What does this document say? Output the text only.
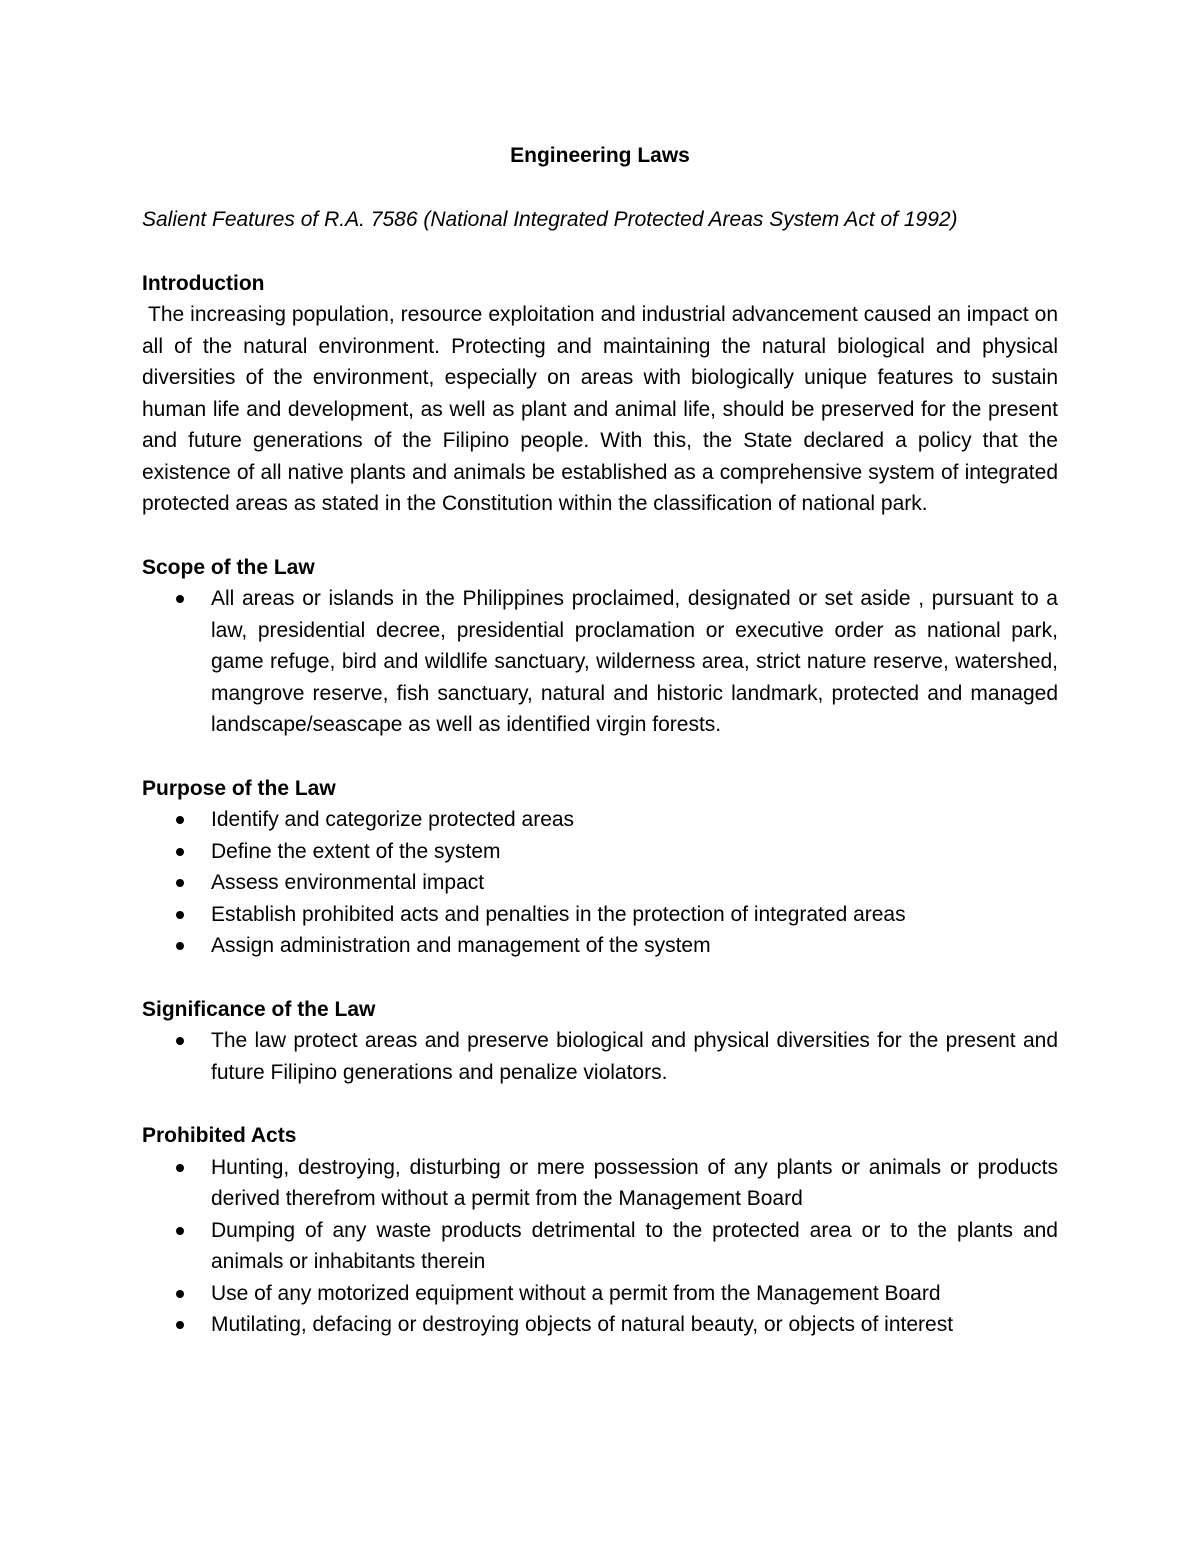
Engineering Laws

Salient Features of R.A. 7586 (National Integrated Protected Areas System Act of 1992)

Introduction

The increasing population, resource exploitation and industrial advancement caused an impact on all of the natural environment. Protecting and maintaining the natural biological and physical diversities of the environment, especially on areas with biologically unique features to sustain human life and development, as well as plant and animal life, should be preserved for the present and future generations of the Filipino people. With this, the State declared a policy that the existence of all native plants and animals be established as a comprehensive system of integrated protected areas as stated in the Constitution within the classification of national park.

Scope of the Law

All areas or islands in the Philippines proclaimed, designated or set aside , pursuant to a law, presidential decree, presidential proclamation or executive order as national park, game refuge, bird and wildlife sanctuary, wilderness area, strict nature reserve, watershed, mangrove reserve, fish sanctuary, natural and historic landmark, protected and managed landscape/seascape as well as identified virgin forests.

Purpose of the Law

Identify and categorize protected areas
Define the extent of the system
Assess environmental impact
Establish prohibited acts and penalties in the protection of integrated areas
Assign administration and management of the system

Significance of the Law

The law protect areas and preserve biological and physical diversities for the present and future Filipino generations and penalize violators.

Prohibited Acts

Hunting, destroying, disturbing or mere possession of any plants or animals or products derived therefrom without a permit from the Management Board
Dumping of any waste products detrimental to the protected area or to the plants and animals or inhabitants therein
Use of any motorized equipment without a permit from the Management Board
Mutilating, defacing or destroying objects of natural beauty, or objects of interest
